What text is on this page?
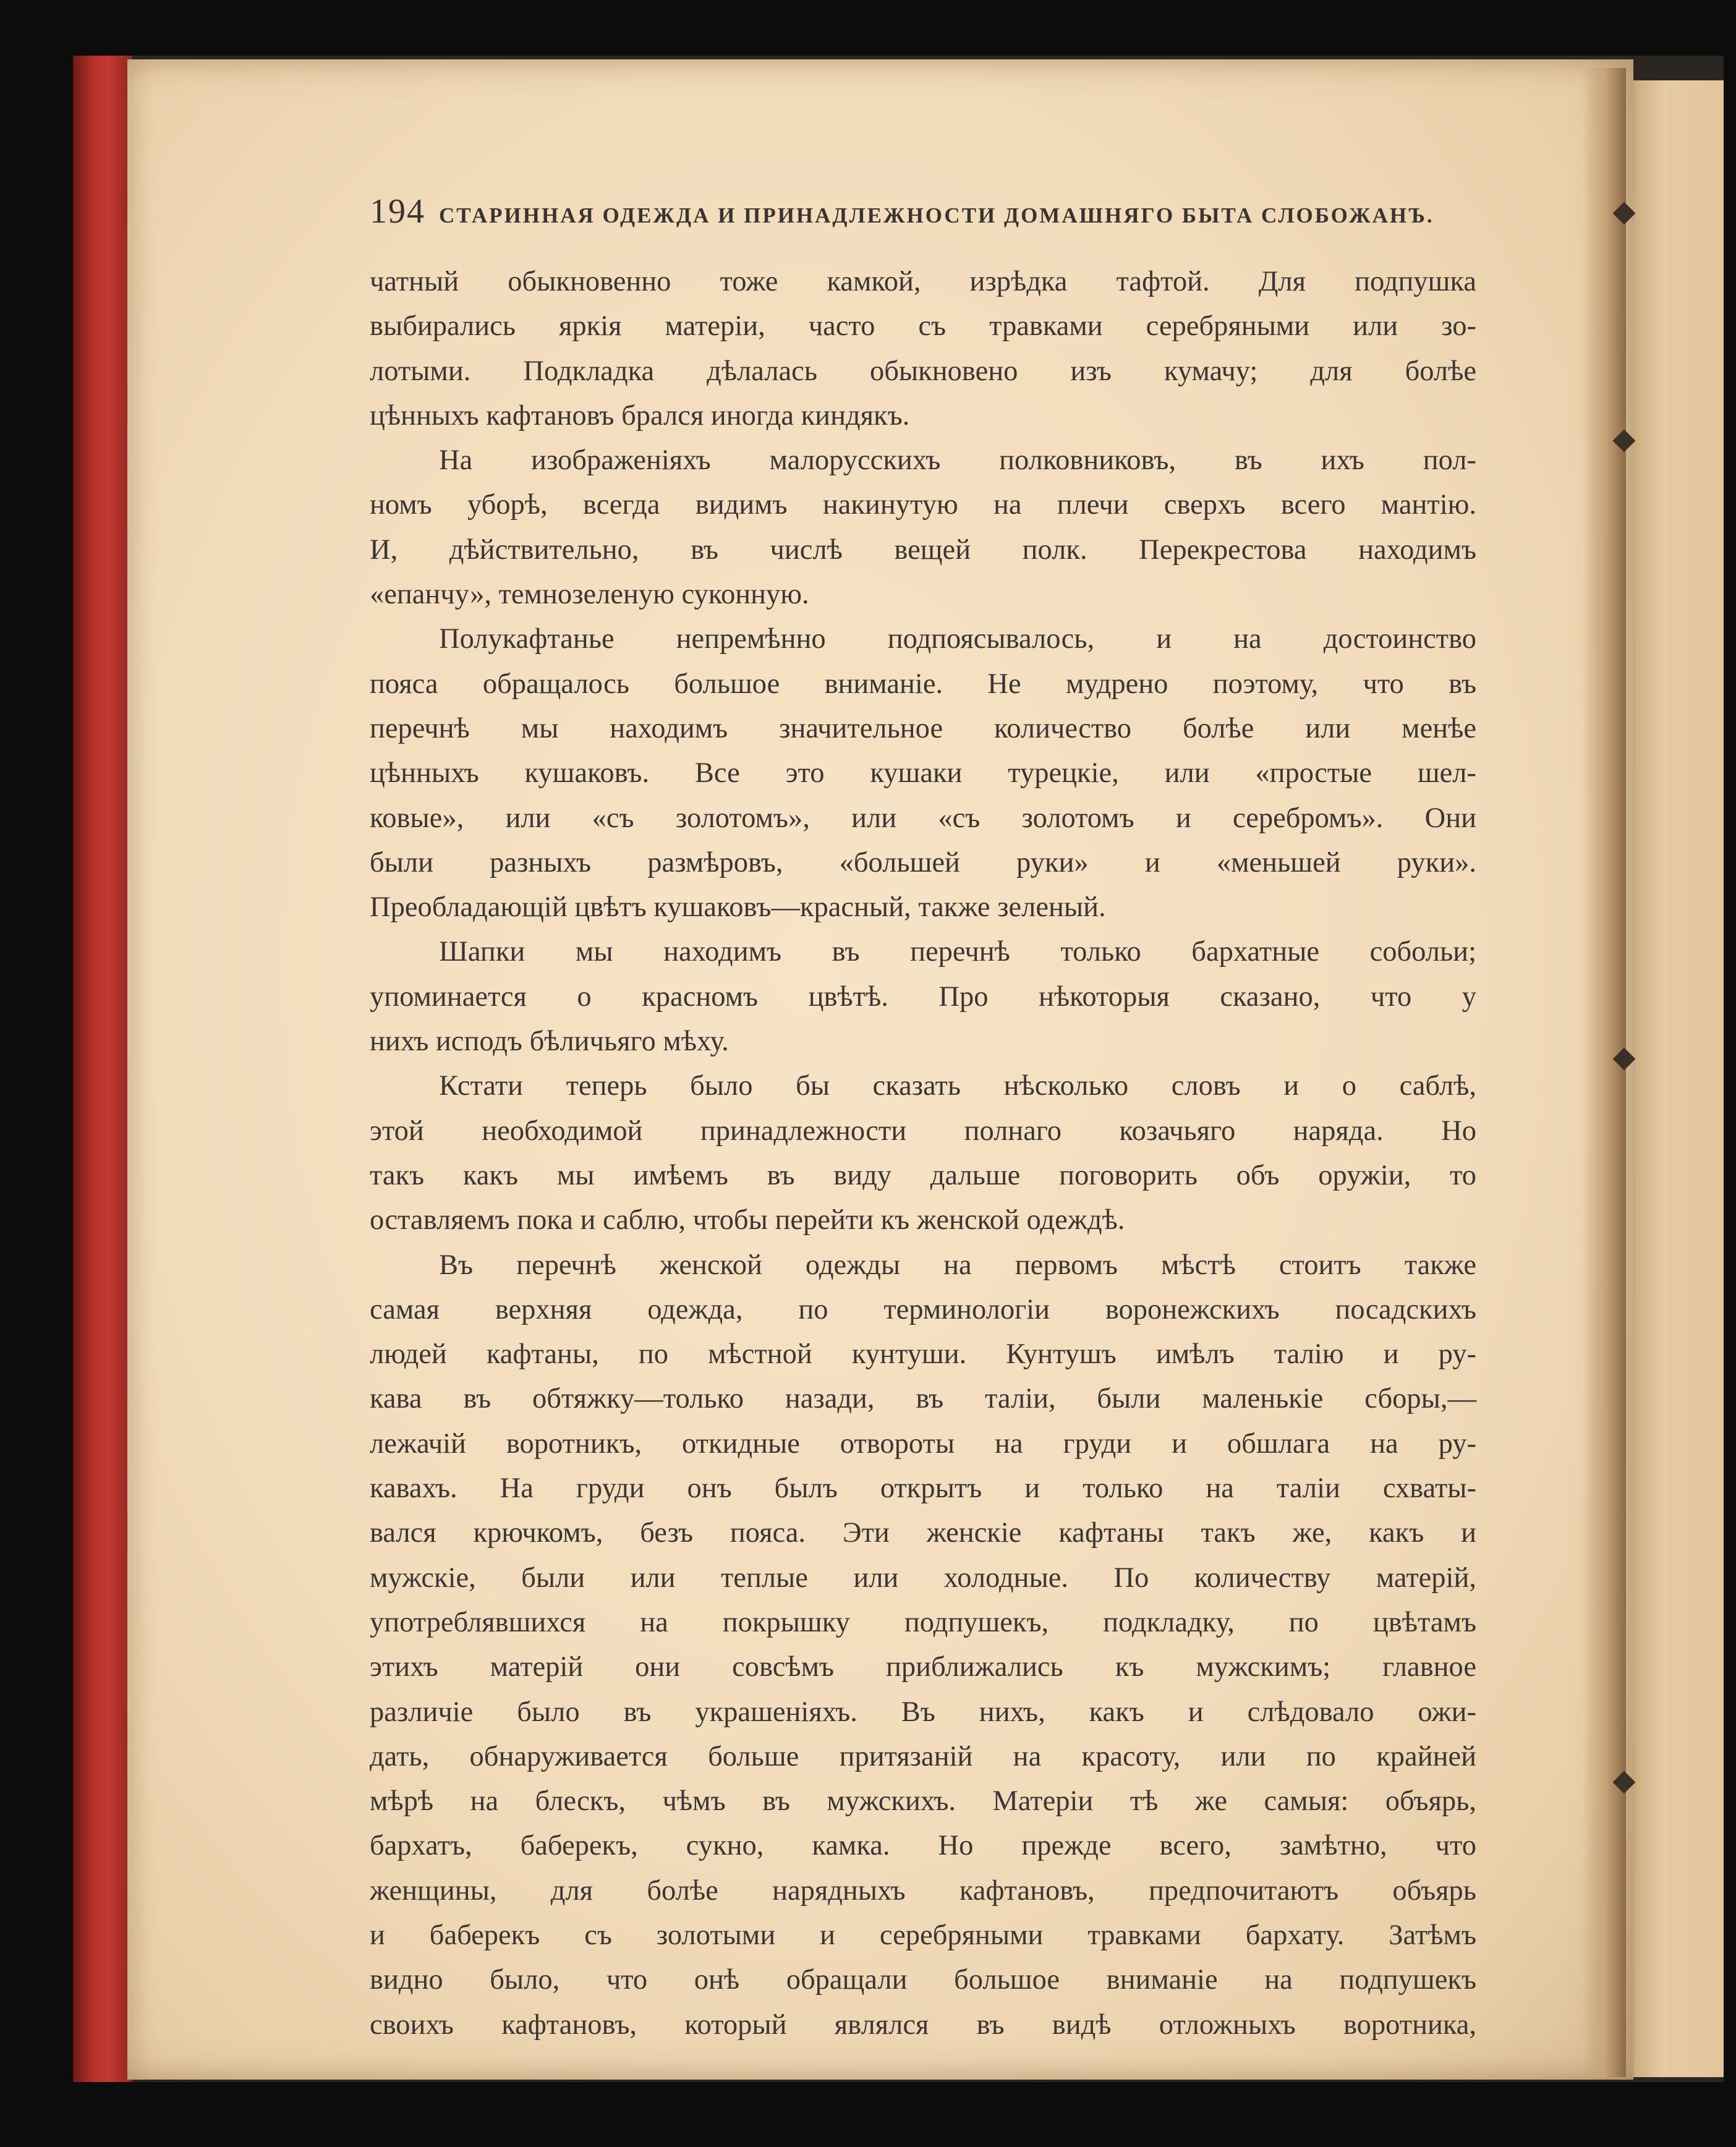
194 СТАРИННАЯ ОДЕЖДА И ПРИНАДЛЕЖНОСТИ ДОМАШНЯГО БЫТА СЛОБОЖАНЪ.
чатный обыкновенно тоже камкой, изрѣдка тафтой. Для подпушка
выбирались яркія матеріи, часто съ травками серебряными или зо-
лотыми. Подкладка дѣлалась обыкновено изъ кумачу; для болѣе
цѣнныхъ кафтановъ брался иногда киндякъ.
На изображеніяхъ малорусскихъ полковниковъ, въ ихъ пол-
номъ уборѣ, всегда видимъ накинутую на плечи сверхъ всего мантію.
И, дѣйствительно, въ числѣ вещей полк. Перекрестова находимъ
«епанчу», темнозеленую суконную.
Полукафтанье непремѣнно подпоясывалось, и на достоинство
пояса обращалось большое вниманіе. Не мудрено поэтому, что въ
перечнѣ мы находимъ значительное количество болѣе или менѣе
цѣнныхъ кушаковъ. Все это кушаки турецкіе, или «простые шел-
ковые», или «съ золотомъ», или «съ золотомъ и серебромъ». Они
были разныхъ размѣровъ, «большей руки» и «меньшей руки».
Преобладающій цвѣтъ кушаковъ—красный, также зеленый.
Шапки мы находимъ въ перечнѣ только бархатные собольи;
упоминается о красномъ цвѣтѣ. Про нѣкоторыя сказано, что у
нихъ исподъ бѣличьяго мѣху.
Кстати теперь было бы сказать нѣсколько словъ и о саблѣ,
этой необходимой принадлежности полнаго козачьяго наряда. Но
такъ какъ мы имѣемъ въ виду дальше поговорить объ оружіи, то
оставляемъ пока и саблю, чтобы перейти къ женской одеждѣ.
Въ перечнѣ женской одежды на первомъ мѣстѣ стоитъ также
самая верхняя одежда, по терминологіи воронежскихъ посадскихъ
людей кафтаны, по мѣстной кунтуши. Кунтушъ имѣлъ талію и ру-
кава въ обтяжку—только назади, въ таліи, были маленькіе сборы,—
лежачій воротникъ, откидные отвороты на груди и обшлага на ру-
кавахъ. На груди онъ былъ открытъ и только на таліи схваты-
вался крючкомъ, безъ пояса. Эти женскіе кафтаны такъ же, какъ и
мужскіе, были или теплые или холодные. По количеству матерій,
употреблявшихся на покрышку подпушекъ, подкладку, по цвѣтамъ
этихъ матерій они совсѣмъ приближались къ мужскимъ; главное
различіе было въ украшеніяхъ. Въ нихъ, какъ и слѣдовало ожи-
дать, обнаруживается больше притязаній на красоту, или по крайней
мѣрѣ на блескъ, чѣмъ въ мужскихъ. Матеріи тѣ же самыя: объярь,
бархатъ, баберекъ, сукно, камка. Но прежде всего, замѣтно, что
женщины, для болѣе нарядныхъ кафтановъ, предпочитаютъ объярь
и баберекъ съ золотыми и серебряными травками бархату. Затѣмъ
видно было, что онѣ обращали большое вниманіе на подпушекъ
своихъ кафтановъ, который являлся въ видѣ отложныхъ воротника,
